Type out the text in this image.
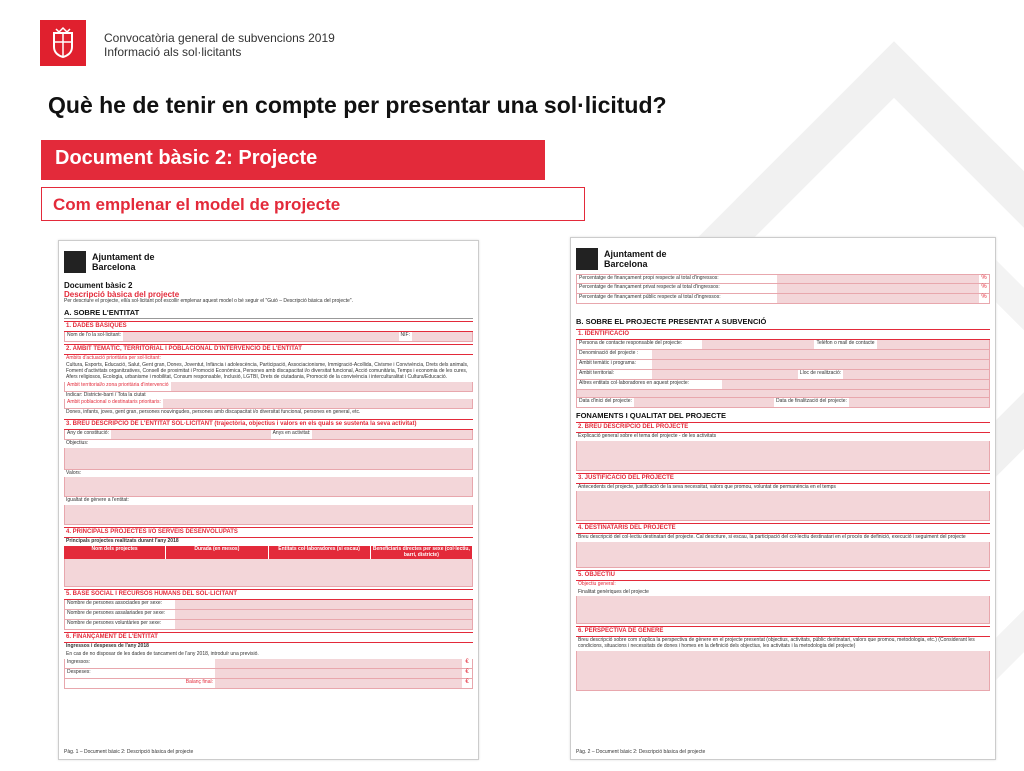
Convocatòria general de subvencions 2019
Informació als sol·licitants
Què he de tenir en compte per presentar una sol·licitud?
Document bàsic 2: Projecte
Com emplenar el model de projecte
Ajuntament de Barcelona
Document bàsic 2
Descripció bàsica del projecte
Per descriure el projecte, ell/a sol·licitant pot escollir emplenar aquest model o bé seguir el "Guió – Descripció bàsica del projecte".
A. SOBRE L'ENTITAT
1. DADES BÀSIQUES
Nom de l'o la sol·licitant:	NIF:
2. ÀMBIT TEMÀTIC, TERRITORIAL I POBLACIONAL D'INTERVENCIÓ DE L'ENTITAT
Àmbits d'actuació prioritària per sol·licitant:
Cultura, Esports, Educació, Salut, Gent gran, Dones, Joventut, Infància i adolescència, Participació, Associacionisme, Immigració-Acollida, Civisme i Convivència, Drets dels animals, Foment d'activitats organitzatives, Consell de proximitat i Promoció Econòmica, Persones amb discapacitat i/o diversitat funcional, Acció comunitària, Temps i economia de les cures, Afers religiosos, Ecologia, urbanisme i mobilitat, Consum responsable, Inclusió, LGTBI, Drets de ciutadania, Promoció de la convivència i interculturalitat i Cultura/Educació.
Àmbit territorial/o zona prioritària d'intervenció
Indicar: Districte-barri / Tota la ciutat
Àmbit poblacional o destinataris prioritaris:
Dones, infants, joves, gent gran, persones nouvingudes, persones amb discapacitat i/o diversitat funcional, persones en general, etc.
3. BREU DESCRIPCIÓ DE L'ENTITAT SOL·LICITANT (trajectòria, objectius i valors en els quals se sustenta la seva activitat)
Any de constitució:	Anys en activitat:
Objectius:
Valors:
Igualtat de gènere a l'entitat:
4. PRINCIPALS PROJECTES I/O SERVEIS DESENVOLUPATS
Principals projectes realitzats durant l'any 2018
Nom dels projectes	Durada (en mesos)	Entitats col·laboradores (si escau)	Beneficiaris directes per sexe (col·lectiu, barri, districte)
5. BASE SOCIAL I RECURSOS HUMANS DEL SOL·LICITANT
Nombre de persones associades per sexe:
Nombre de persones assalariades per sexe:
Nombre de persones voluntàries per sexe:
6. FINANÇAMENT DE L'ENTITAT
Ingressos i despeses de l'any 2018
En cas de no disposar de les dades de tancament de l'any 2018, introduïr una previsió.
Ingressos:	€
Despeses:	€
Balanç final:	€
Pàg. 1 – Document bàsic 2: Descripció bàsica del projecte
Ajuntament de Barcelona
Percentatge de finançament propi respecte al total d'ingressos:	%
Percentatge de finançament privat respecte al total d'ingressos:	%
Percentatge de finançament públic respecte al total d'ingressos:	%
B. SOBRE EL PROJECTE PRESENTAT A SUBVENCIÓ
1. IDENTIFICACIÓ
Persona de contacte responsable del projecte:	Telèfon o mail de contacte
Denominació del projecte :
Àmbit temàtic i programa:
Àmbit territorial:	Lloc de realització:
Altres entitats col·laboradores en aquest projecte:
Data d'inici del projecte:	Data de finalització del projecte:
FONAMENTS I QUALITAT DEL PROJECTE
2. BREU DESCRIPCIÓ DEL PROJECTE
Explicació general sobre el tema del projecte - de les activitats
3. JUSTIFICACIÓ DEL PROJECTE
Antecedents del projecte, justificació de la seva necessitat, valors que promou, voluntat de permanència en el temps
4. DESTINATARIS DEL PROJECTE
Breu descripció del col·lectiu destinatari del projecte. Cal descriure, si escau, la participació del col·lectiu destinatari en el procés de definició, execució i seguiment del projecte
5. OBJECTIU
Objectiu general:
Finalitat genèriques del projecte
6. PERSPECTIVA DE GÈNERE
Breu descripció sobre com s'aplica la perspectiva de gènere en el projecte presentat (objectius, activitats, públic destinatari, valors que promou, metodologia, etc.) (Considerant les condicions, situacions i necessitats de dones i homes en la definició dels objectius, les activitats i la metodologia del projecte)
Pàg. 2 – Document bàsic 2: Descripció bàsica del projecte
